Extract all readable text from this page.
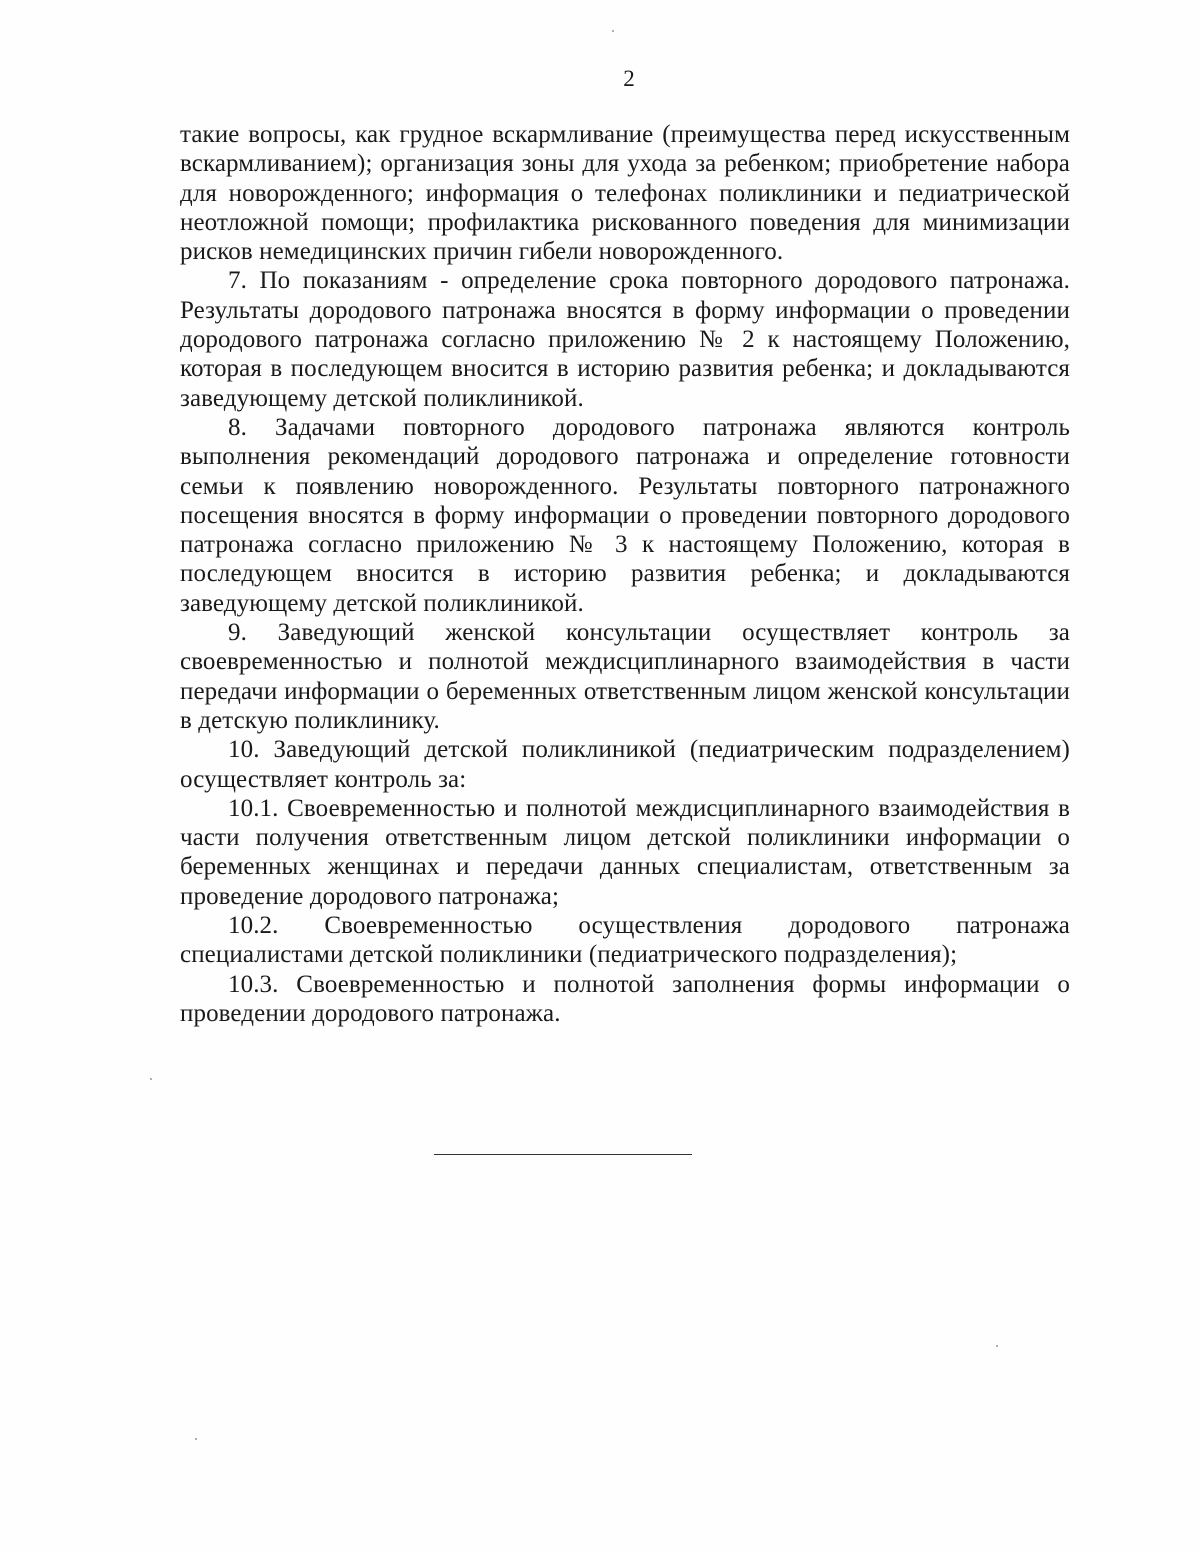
2

такие вопросы, как грудное вскармливание (преимущества перед искусственным вскармливанием); организация зоны для ухода за ребенком; приобретение набора для новорожденного; информация о телефонах поликлиники и педиатрической неотложной помощи; профилактика рискованного поведения для минимизации рисков немедицинских причин гибели новорожденного.

7. По показаниям - определение срока повторного дородового патронажа. Результаты дородового патронажа вносятся в форму информации о проведении дородового патронажа согласно приложению № 2 к настоящему Положению, которая в последующем вносится в историю развития ребенка; и докладываются заведующему детской поликлиникой.

8. Задачами повторного дородового патронажа являются контроль выполнения рекомендаций дородового патронажа и определение готовности семьи к появлению новорожденного. Результаты повторного патронажного посещения вносятся в форму информации о проведении повторного дородового патронажа согласно приложению № 3 к настоящему Положению, которая в последующем вносится в историю развития ребенка; и докладываются заведующему детской поликлиникой.

9. Заведующий женской консультации осуществляет контроль за своевременностью и полнотой междисциплинарного взаимодействия в части передачи информации о беременных ответственным лицом женской консультации в детскую поликлинику.

10. Заведующий детской поликлиникой (педиатрическим подразделением) осуществляет контроль за:

10.1. Своевременностью и полнотой междисциплинарного взаимодействия в части получения ответственным лицом детской поликлиники информации о беременных женщинах и передачи данных специалистам, ответственным за проведение дородового патронажа;

10.2. Своевременностью осуществления дородового патронажа специалистами детской поликлиники (педиатрического подразделения);

10.3. Своевременностью и полнотой заполнения формы информации о проведении дородового патронажа.
